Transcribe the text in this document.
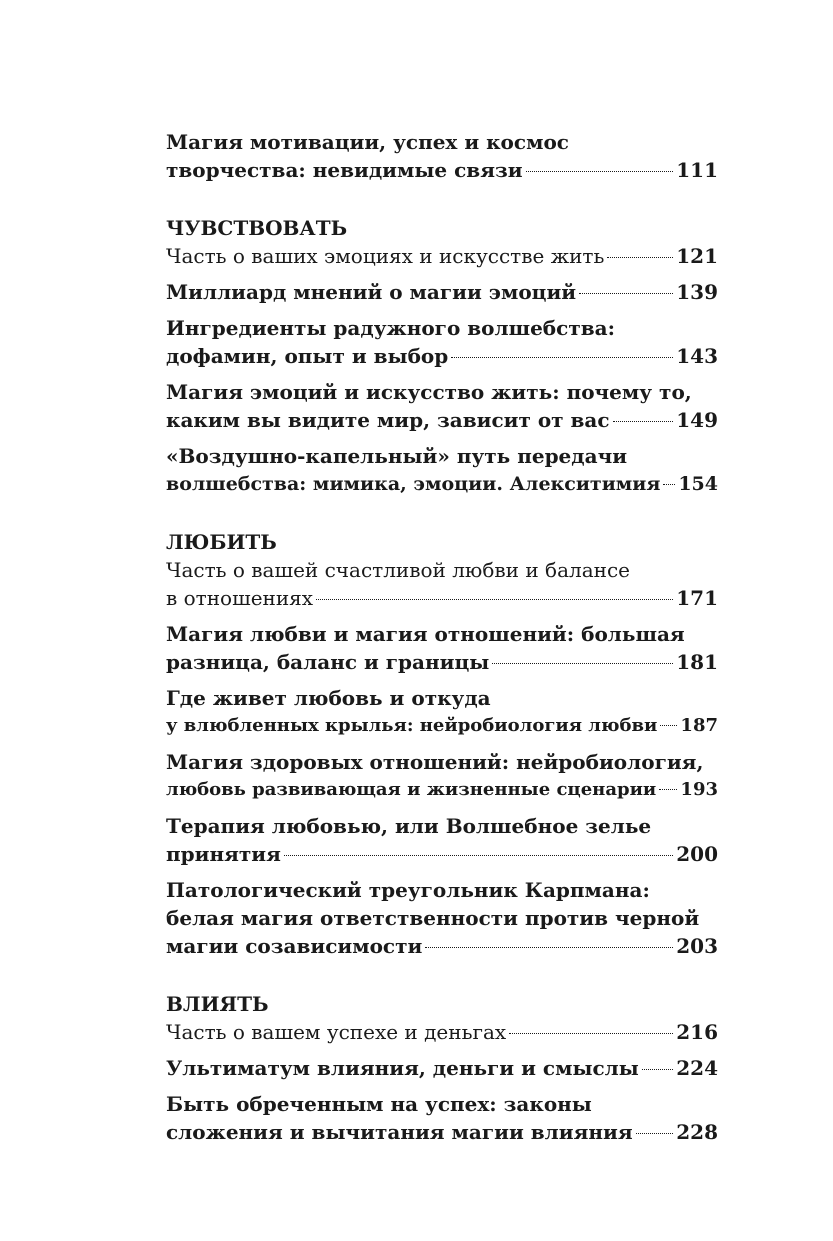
Магия мотивации, успех и космос
творчества: невидимые связи	111
ЧУВСТВОВАТЬ
Часть о ваших эмоциях и искусстве жить	121
Миллиард мнений о магии эмоций	139
Ингредиенты радужного волшебства:
дофамин, опыт и выбор	143
Магия эмоций и искусство жить: почему то,
каким вы видите мир, зависит от вас	149
«Воздушно-капельный» путь передачи
волшебства: мимика, эмоции. Алекситимия 154
ЛЮБИТЬ
Часть о вашей счастливой любви и балансе
в отношениях	171
Магия любви и магия отношений: большая
разница, баланс и границы	181
Где живет любовь и откуда
у влюбленных крылья: нейробиология любви 187
Магия здоровых отношений: нейробиология,
любовь развивающая и жизненные сценарии 193
Терапия любовью, или Волшебное зелье
принятия	200
Патологический треугольник Карпмана:
белая магия ответственности против черной
магии созависимости	203
ВЛИЯТЬ
Часть о вашем успехе и деньгах	216
Ультиматум влияния, деньги и смыслы 224
Быть обреченным на успех: законы
сложения и вычитания магии влияния 228
